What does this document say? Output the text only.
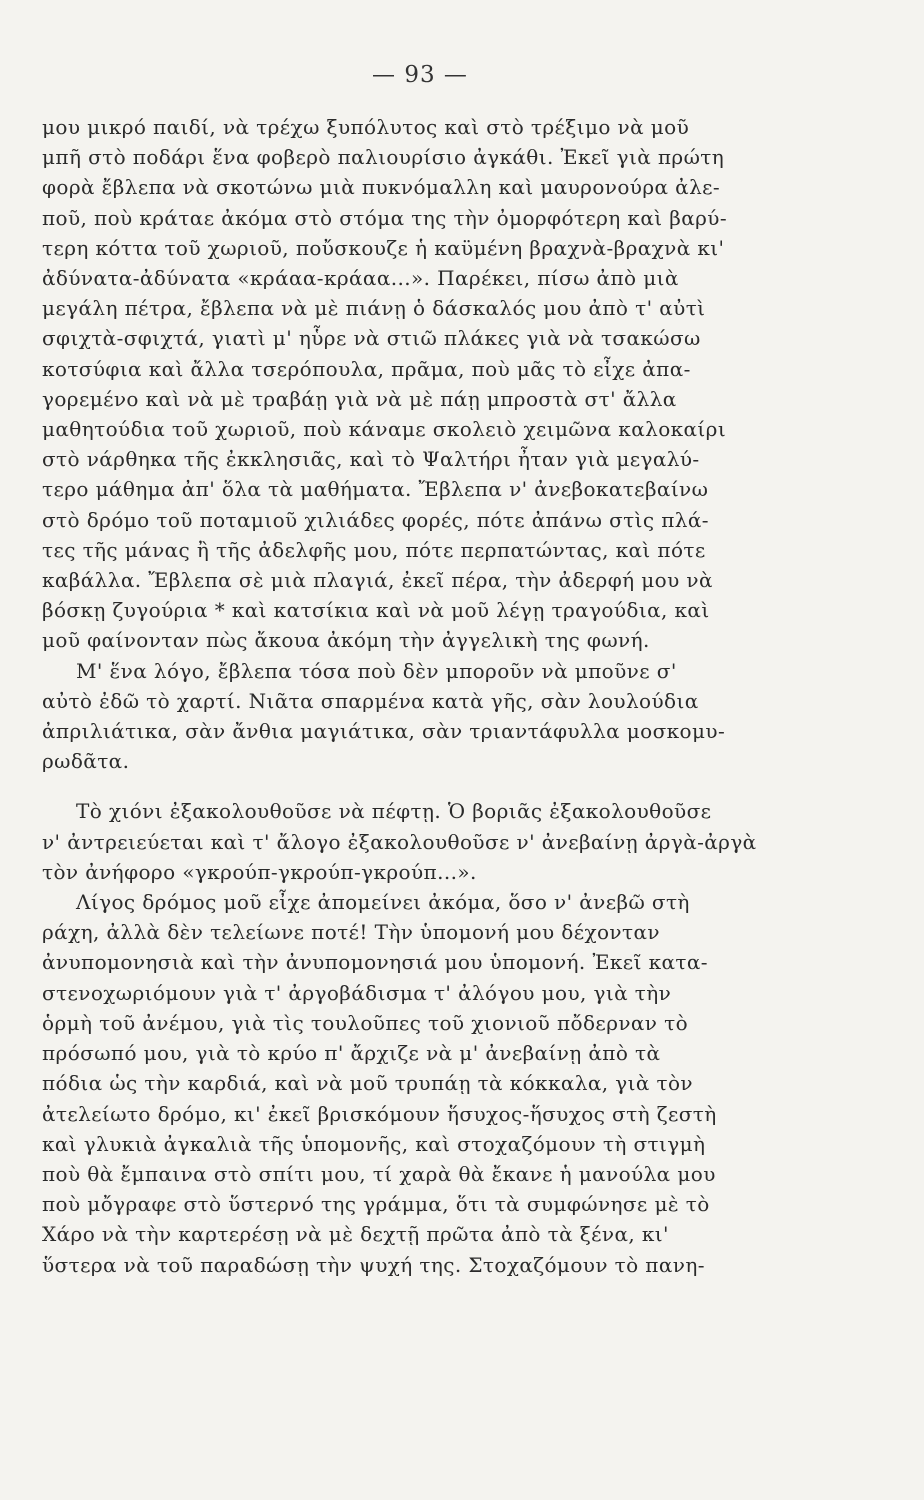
— 93 —
μου μικρό παιδί, νὰ τρέχω ξυπόλυτος καὶ στὸ τρέξιμο νὰ μοῦ
μπῆ στὸ ποδάρι ἕνα φοβερὸ παλιουρίσιο ἀγκάθι. Ἐκεῖ γιὰ πρώτη
φορὰ ἔβλεπα νὰ σκοτώνω μιὰ πυκνόμαλλη καὶ μαυρονούρα ἀλε-
ποῦ, ποὺ κράταε ἀκόμα στὸ στόμα της τὴν ὀμορφότερη καὶ βαρύ-
τερη κόττα τοῦ χωριοῦ, ποὔσκουζε ἡ καϋμένη βραχνὰ-βραχνὰ κι'
ἀδύνατα-ἀδύνατα «κράαα-κράαα...». Παρέκει, πίσω ἀπὸ μιὰ
μεγάλη πέτρα, ἔβλεπα νὰ μὲ πιάνῃ ὁ δάσκαλός μου ἀπὸ τ' αὐτὶ
σφιχτὰ-σφιχτά, γιατὶ μ' ηὗρε νὰ στιῶ πλάκες γιὰ νὰ τσακώσω
κοτσύφια καὶ ἄλλα τσερόπουλα, πρᾶμα, ποὺ μᾶς τὸ εἶχε ἀπα-
γορεμένο καὶ νὰ μὲ τραβάῃ γιὰ νὰ μὲ πάῃ μπροστὰ στ' ἄλλα
μαθητούδια τοῦ χωριοῦ, ποὺ κάναμε σκολειὸ χειμῶνα καλοκαίρι
στὸ νάρθηκα τῆς ἐκκλησιᾶς, καὶ τὸ Ψαλτήρι ἦταν γιὰ μεγαλύ-
τερο μάθημα ἀπ' ὅλα τὰ μαθήματα. Ἔβλεπα ν' ἀνεβοκατεβαίνω
στὸ δρόμο τοῦ ποταμιοῦ χιλιάδες φορές, πότε ἀπάνω στὶς πλά-
τες τῆς μάνας ἢ τῆς ἀδελφῆς μου, πότε περπατώντας, καὶ πότε
καβάλλα. Ἔβλεπα σὲ μιὰ πλαγιά, ἐκεῖ πέρα, τὴν ἀδερφή μου νὰ
βόσκῃ ζυγούρια * καὶ κατσίκια καὶ νὰ μοῦ λέγῃ τραγούδια, καὶ
μοῦ φαίνονταν πὼς ἄκουα ἀκόμη τὴν ἀγγελικὴ της φωνή.
Μ' ἕνα λόγο, ἔβλεπα τόσα ποὺ δὲν μποροῦν νὰ μποῦνε σ'
αὐτὸ ἐδῶ τὸ χαρτί. Νιᾶτα σπαρμένα κατὰ γῆς, σὰν λουλούδια
ἀπριλιάτικα, σὰν ἄνθια μαγιάτικα, σὰν τριαντάφυλλα μοσκομυ-
ρωδᾶτα.
Τὸ χιόνι ἐξακολουθοῦσε νὰ πέφτῃ. Ὁ βοριᾶς ἐξακολουθοῦσε
ν' ἀντρειεύεται καὶ τ' ἄλογο ἐξακολουθοῦσε ν' ἀνεβαίνῃ ἀργὰ-ἀργὰ
τὸν ἀνήφορο «γκρούπ-γκρούπ-γκρούπ...».
Λίγος δρόμος μοῦ εἶχε ἀπομείνει ἀκόμα, ὅσο ν' ἀνεβῶ στὴ
ράχη, ἀλλὰ δὲν τελείωνε ποτέ! Τὴν ὑπομονή μου δέχονταν
ἀνυπομονησιὰ καὶ τὴν ἀνυπομονησιά μου ὑπομονή. Ἐκεῖ κατα-
στενοχωριόμουν γιὰ τ' ἀργοβάδισμα τ' ἀλόγου μου, γιὰ τὴν
ὁρμὴ τοῦ ἀνέμου, γιὰ τὶς τουλοῦπες τοῦ χιονιοῦ πὄδερναν τὸ
πρόσωπό μου, γιὰ τὸ κρύο π' ἄρχιζε νὰ μ' ἀνεβαίνῃ ἀπὸ τὰ
πόδια ὡς τὴν καρδιά, καὶ νὰ μοῦ τρυπάῃ τὰ κόκκαλα, γιὰ τὸν
ἀτελείωτο δρόμο, κι' ἐκεῖ βρισκόμουν ἥσυχος-ἥσυχος στὴ ζεστὴ
καὶ γλυκιὰ ἀγκαλιὰ τῆς ὑπομονῆς, καὶ στοχαζόμουν τὴ στιγμὴ
ποὺ θὰ ἔμπαινα στὸ σπίτι μου, τί χαρὰ θὰ ἔκανε ἡ μανούλα μου
ποὺ μὄγραφε στὸ ὕστερνό της γράμμα, ὅτι τὰ συμφώνησε μὲ τὸ
Χάρο νὰ τὴν καρτερέσῃ νὰ μὲ δεχτῇ πρῶτα ἀπὸ τὰ ξένα, κι'
ὕστερα νὰ τοῦ παραδώσῃ τὴν ψυχή της. Στοχαζόμουν τὸ πανη-
